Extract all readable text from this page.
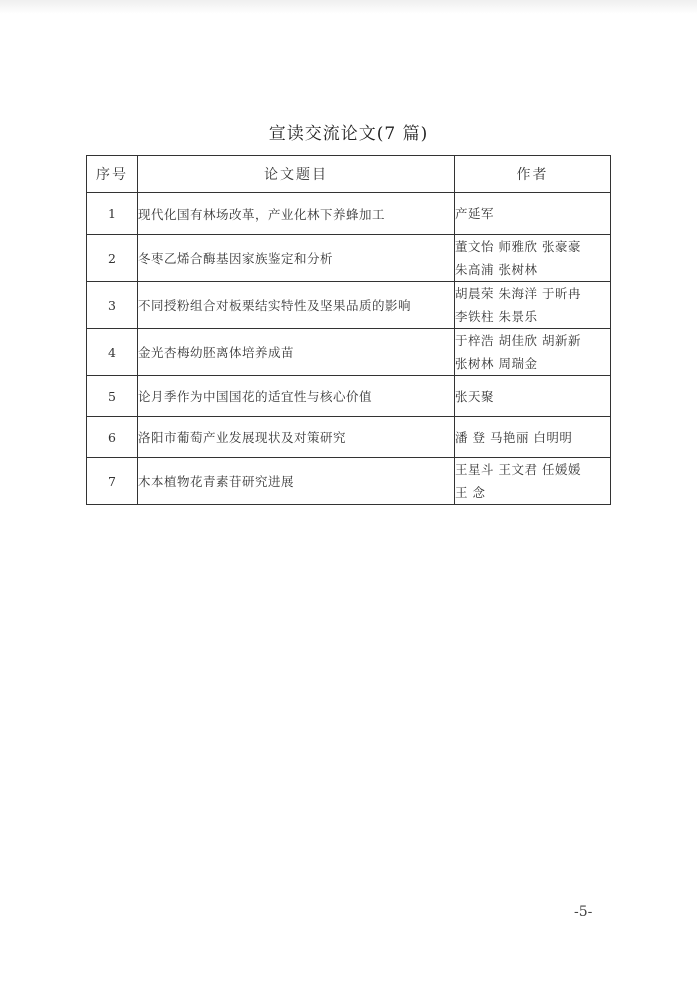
宣读交流论文(7 篇)
序号	论文题目	作者
1	现代化国有林场改革，产业化林下养蜂加工	产延军

2	冬枣乙烯合酶基因家族鉴定和分析	董文怡 师雅欣 张豪豪
朱高浦 张树林

3	不同授粉组合对板栗结实特性及坚果品质的影响	胡晨荣 朱海洋 于昕冉
李铁柱 朱景乐

4	金光杏梅幼胚离体培养成苗	于梓浩 胡佳欣 胡新新
张树林 周瑞金

5	论月季作为中国国花的适宜性与核心价值	张天聚

6	洛阳市葡萄产业发展现状及对策研究	潘 登 马艳丽 白明明

7	木本植物花青素苷研究进展	王星斗 王文君 任媛媛
王 念
-5-
